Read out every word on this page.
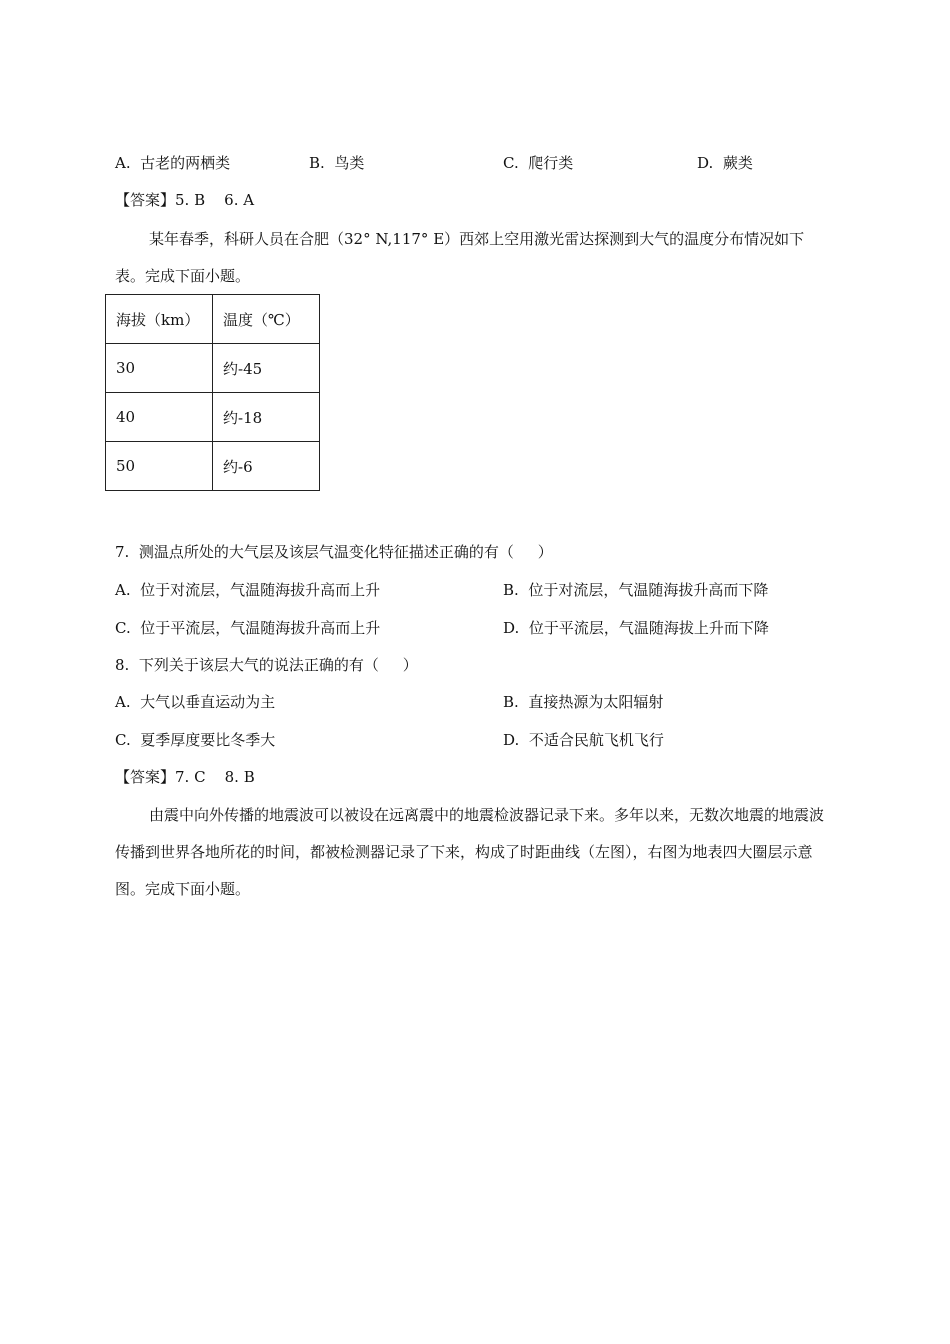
A. 古老的两栖类	B. 鸟类	C. 爬行类	D. 蕨类
【答案】5. B    6. A
某年春季，科研人员在合肥（32° N,117° E）西郊上空用激光雷达探测到大气的温度分布情况如下表。完成下面小题。
海拔（km）	温度（℃）
30	约-45
40	约-18
50	约-6
7.  测温点所处的大气层及该层气温变化特征描述正确的有（     ）
A. 位于对流层，气温随海拔升高而上升	B. 位于对流层，气温随海拔升高而下降
C. 位于平流层，气温随海拔升高而上升	D. 位于平流层，气温随海拔上升而下降
8.  下列关于该层大气的说法正确的有（     ）
A. 大气以垂直运动为主	B. 直接热源为太阳辐射
C. 夏季厚度要比冬季大	D. 不适合民航飞机飞行
【答案】7. C    8. B
由震中向外传播的地震波可以被设在远离震中的地震检波器记录下来。多年以来，无数次地震的地震波传播到世界各地所花的时间，都被检测器记录了下来，构成了时距曲线（左图），右图为地表四大圈层示意图。完成下面小题。
